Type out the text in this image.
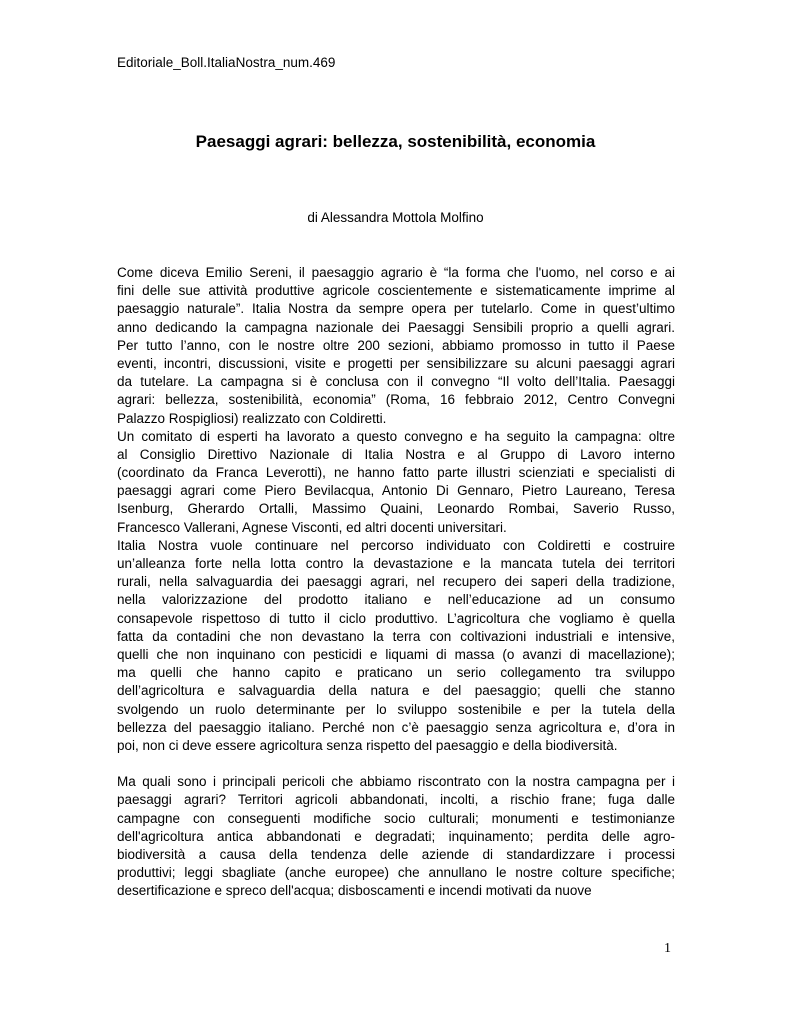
Editoriale_Boll.ItaliaNostra_num.469
Paesaggi agrari: bellezza, sostenibilità, economia
di Alessandra Mottola Molfino
Come diceva Emilio Sereni, il paesaggio agrario è “la forma che l'uomo, nel corso e ai
fini delle sue attività produttive agricole coscientemente e sistematicamente imprime al
paesaggio naturale”. Italia Nostra da sempre opera per tutelarlo. Come in quest’ultimo
anno dedicando la campagna nazionale dei Paesaggi Sensibili proprio a quelli agrari.
Per tutto l’anno, con le nostre oltre 200 sezioni, abbiamo promosso in tutto il Paese
eventi, incontri, discussioni, visite e progetti per sensibilizzare su alcuni paesaggi agrari
da tutelare. La campagna si è conclusa con il convegno “Il volto dell’Italia. Paesaggi
agrari: bellezza, sostenibilità, economia” (Roma, 16 febbraio 2012, Centro Convegni
Palazzo Rospigliosi) realizzato con Coldiretti.
Un comitato di esperti ha lavorato a questo convegno e ha seguito la campagna: oltre
al Consiglio Direttivo Nazionale di Italia Nostra e al Gruppo di Lavoro interno
(coordinato da Franca Leverotti), ne hanno fatto parte illustri scienziati e specialisti di
paesaggi agrari come Piero Bevilacqua, Antonio Di Gennaro, Pietro Laureano, Teresa
Isenburg, Gherardo Ortalli, Massimo Quaini, Leonardo Rombai, Saverio Russo,
Francesco Vallerani, Agnese Visconti, ed altri docenti universitari.
Italia Nostra vuole continuare nel percorso individuato con Coldiretti e costruire
un’alleanza forte nella lotta contro la devastazione e la mancata tutela dei territori
rurali, nella salvaguardia dei paesaggi agrari, nel recupero dei saperi della tradizione,
nella valorizzazione del prodotto italiano e nell’educazione ad un consumo
consapevole rispettoso di tutto il ciclo produttivo. L’agricoltura che vogliamo è quella
fatta da contadini che non devastano la terra con coltivazioni industriali e intensive,
quelli che non inquinano con pesticidi e liquami di massa (o avanzi di macellazione);
ma quelli che hanno capito e praticano un serio collegamento tra sviluppo
dell’agricoltura e salvaguardia della natura e del paesaggio; quelli che stanno
svolgendo un ruolo determinante per lo sviluppo sostenibile e per la tutela della
bellezza del paesaggio italiano. Perché non c’è paesaggio senza agricoltura e, d’ora in
poi, non ci deve essere agricoltura senza rispetto del paesaggio e della biodiversità.
Ma quali sono i principali pericoli che abbiamo riscontrato con la nostra campagna per i
paesaggi agrari? Territori agricoli abbandonati, incolti, a rischio frane; fuga dalle
campagne con conseguenti modifiche socio culturali; monumenti e testimonianze
dell'agricoltura antica abbandonati e degradati; inquinamento; perdita delle agro-
biodiversità a causa della tendenza delle aziende di standardizzare i processi
produttivi; leggi sbagliate (anche europee) che annullano le nostre colture specifiche;
desertificazione e spreco dell'acqua; disboscamenti e incendi motivati da nuove
1
